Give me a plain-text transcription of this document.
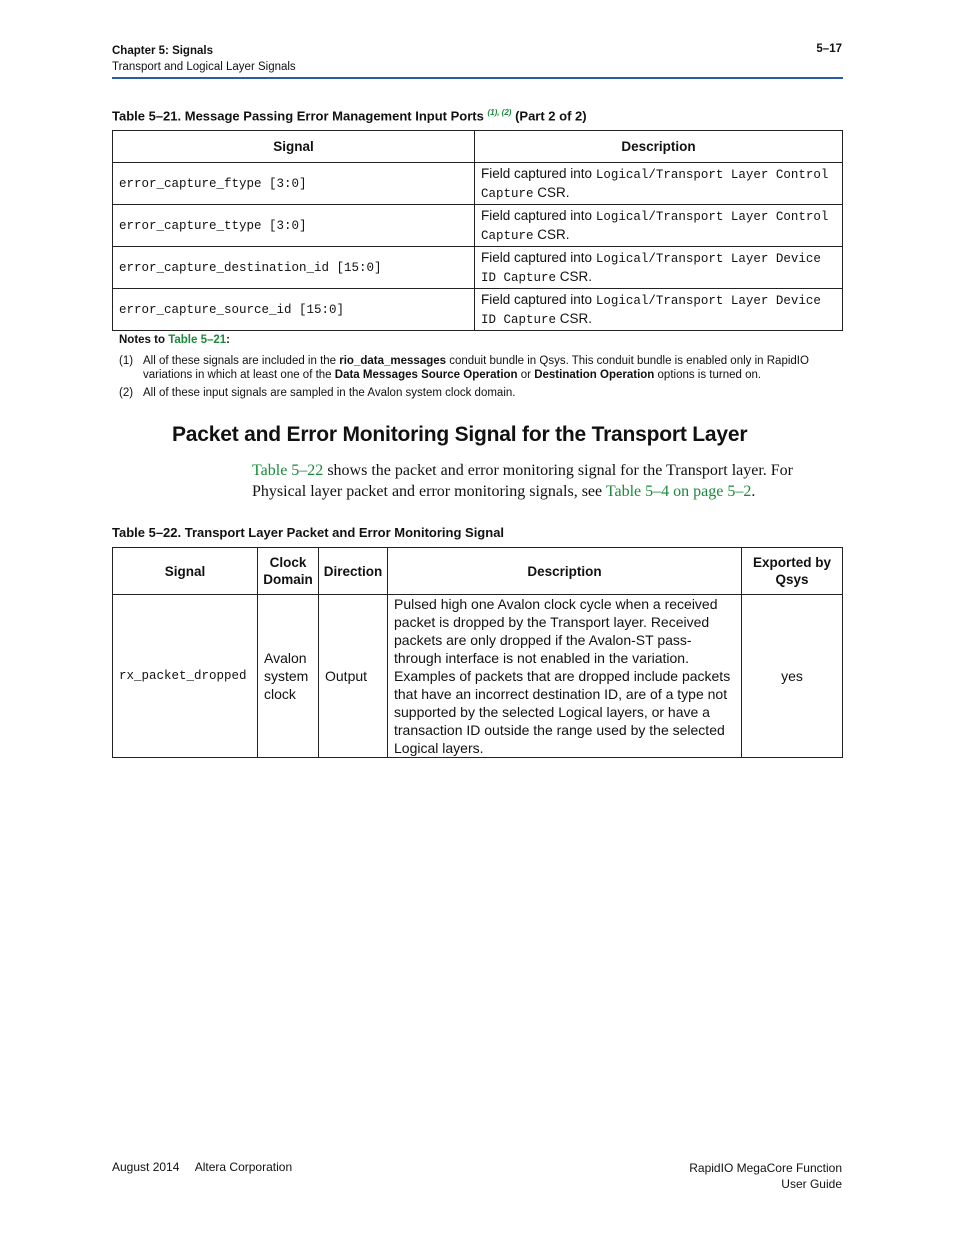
Chapter 5: Signals
Transport and Logical Layer Signals
5–17
Table 5–21. Message Passing Error Management Input Ports $^{(1), (2)}$ (Part 2 of 2)
Signal	Description
error_capture_ftype [3:0]	Field captured into Logical/Transport Layer Control Capture CSR.
error_capture_ttype [3:0]	Field captured into Logical/Transport Layer Control Capture CSR.
error_capture_destination_id [15:0]	Field captured into Logical/Transport Layer Device ID Capture CSR.
error_capture_source_id [15:0]	Field captured into Logical/Transport Layer Device ID Capture CSR.
Notes to Table 5–21:
(1) All of these signals are included in the rio_data_messages conduit bundle in Qsys. This conduit bundle is enabled only in RapidIO variations in which at least one of the Data Messages Source Operation or Destination Operation options is turned on.
(2) All of these input signals are sampled in the Avalon system clock domain.
Packet and Error Monitoring Signal for the Transport Layer
Table 5–22 shows the packet and error monitoring signal for the Transport layer. For Physical layer packet and error monitoring signals, see Table 5–4 on page 5–2.
Table 5–22. Transport Layer Packet and Error Monitoring Signal
Signal	Clock Domain	Direction	Description	Exported by Qsys
rx_packet_dropped	Avalon system clock	Output	Pulsed high one Avalon clock cycle when a received packet is dropped by the Transport layer. Received packets are only dropped if the Avalon-ST pass-through interface is not enabled in the variation. Examples of packets that are dropped include packets that have an incorrect destination ID, are of a type not supported by the selected Logical layers, or have a transaction ID outside the range used by the selected Logical layers.	yes
August 2014 Altera Corporation	RapidIO MegaCore Function
User Guide
